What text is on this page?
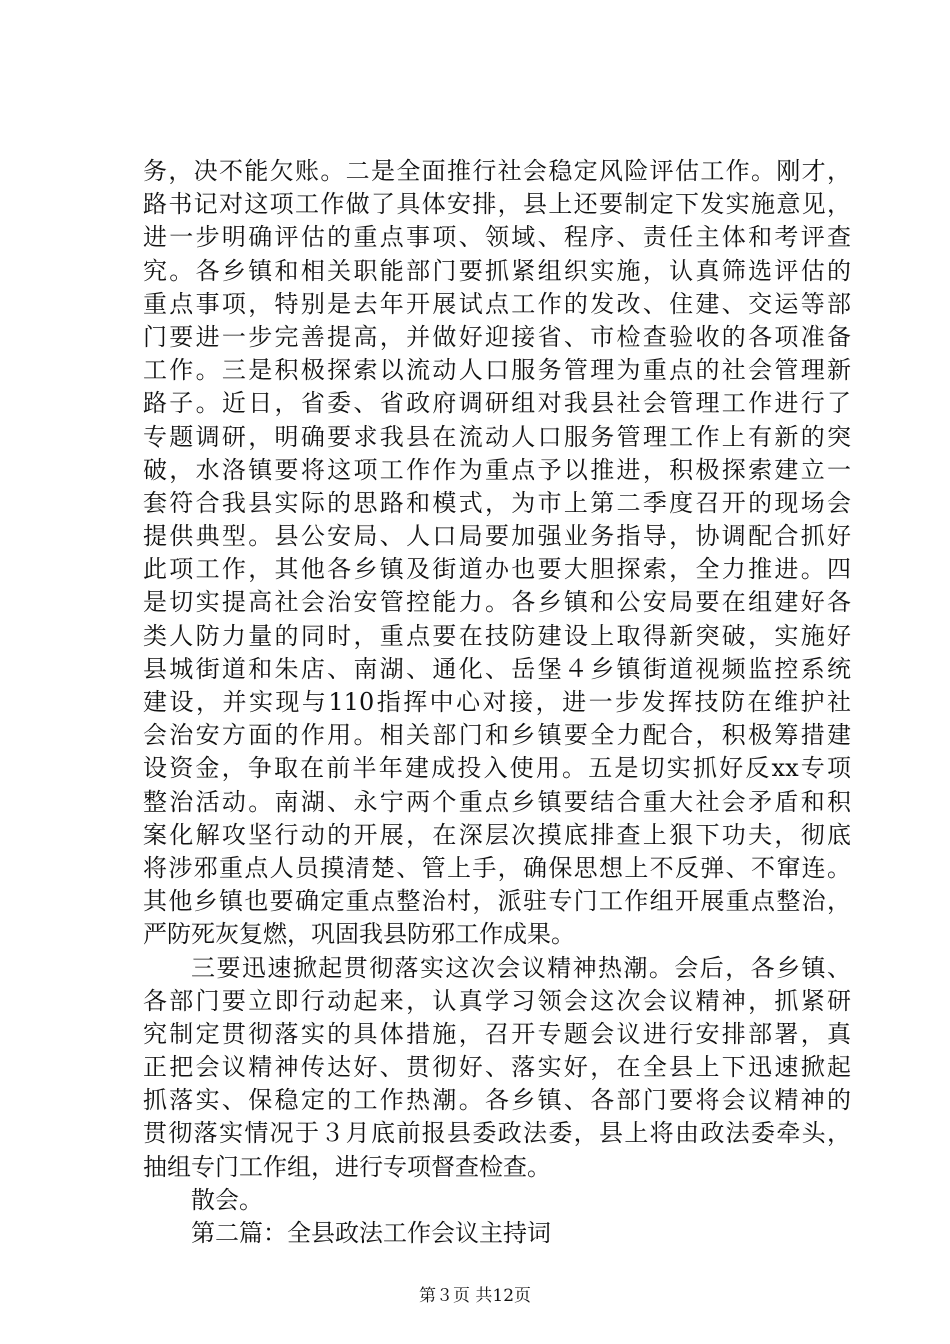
务，决不能欠账。二是全面推行社会稳定风险评估工作。刚才，
路书记对这项工作做了具体安排，县上还要制定下发实施意见，
进一步明确评估的重点事项、领域、程序、责任主体和考评查
究。各乡镇和相关职能部门要抓紧组织实施，认真筛选评估的
重点事项，特别是去年开展试点工作的发改、住建、交运等部
门要进一步完善提高，并做好迎接省、市检查验收的各项准备
工作。三是积极探索以流动人口服务管理为重点的社会管理新
路子。近日，省委、省政府调研组对我县社会管理工作进行了
专题调研，明确要求我县在流动人口服务管理工作上有新的突
破，水洛镇要将这项工作作为重点予以推进，积极探索建立一
套符合我县实际的思路和模式，为市上第二季度召开的现场会
提供典型。县公安局、人口局要加强业务指导，协调配合抓好
此项工作，其他各乡镇及街道办也要大胆探索，全力推进。四
是切实提高社会治安管控能力。各乡镇和公安局要在组建好各
类人防力量的同时，重点要在技防建设上取得新突破，实施好
县城街道和朱店、南湖、通化、岳堡４乡镇街道视频监控系统
建设，并实现与110指挥中心对接，进一步发挥技防在维护社
会治安方面的作用。相关部门和乡镇要全力配合，积极筹措建
设资金，争取在前半年建成投入使用。五是切实抓好反xx专项
整治活动。南湖、永宁两个重点乡镇要结合重大社会矛盾和积
案化解攻坚行动的开展，在深层次摸底排查上狠下功夫，彻底
将涉邪重点人员摸清楚、管上手，确保思想上不反弹、不窜连。
其他乡镇也要确定重点整治村，派驻专门工作组开展重点整治，
严防死灰复燃，巩固我县防邪工作成果。
三要迅速掀起贯彻落实这次会议精神热潮。会后，各乡镇、
各部门要立即行动起来，认真学习领会这次会议精神，抓紧研
究制定贯彻落实的具体措施，召开专题会议进行安排部署，真
正把会议精神传达好、贯彻好、落实好，在全县上下迅速掀起
抓落实、保稳定的工作热潮。各乡镇、各部门要将会议精神的
贯彻落实情况于３月底前报县委政法委，县上将由政法委牵头，
抽组专门工作组，进行专项督查检查。
散会。
第二篇：全县政法工作会议主持词
第３页 共12页
